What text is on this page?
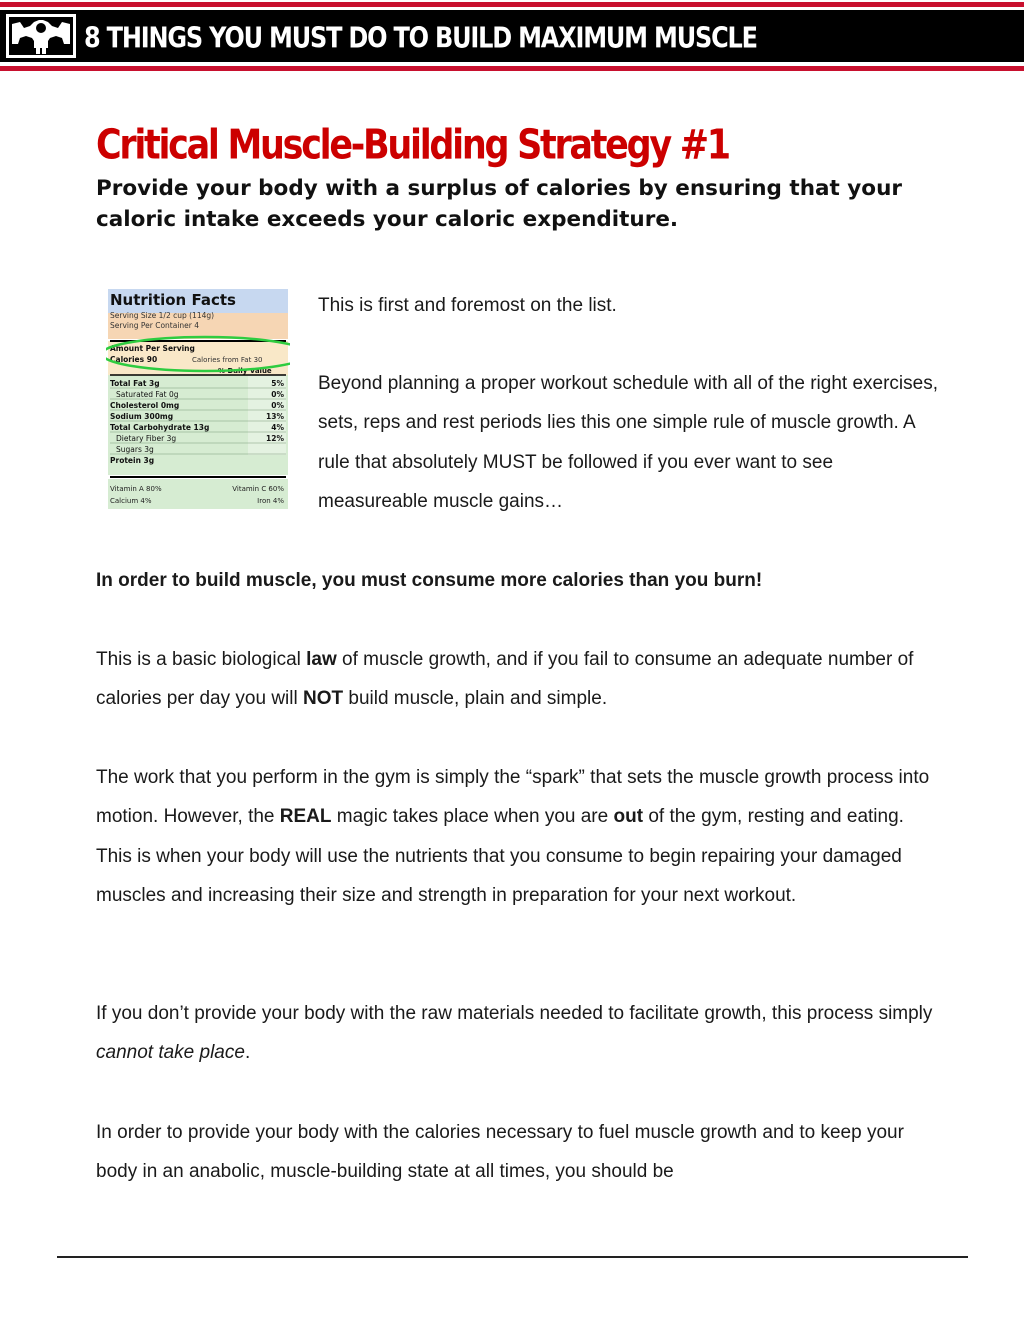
8 THINGS YOU MUST DO TO BUILD MAXIMUM MUSCLE
Critical Muscle-Building Strategy #1
Provide your body with a surplus of calories by ensuring that your caloric intake exceeds your caloric expenditure.
Nutrition Facts
Serving Size 1/2 cup (114g)
Serving Per Container 4
Amount Per Serving
Calories 90	Calories from Fat 30
% Daily Value
Total Fat 3g	5%
Saturated Fat 0g	0%
Cholesterol 0mg	0%
Sodium 300mg	13%
Total Carbohydrate 13g	4%
Dietary Fiber 3g	12%
Sugars 3g
Protein 3g
Vitamin A 80%	Vitamin C 60%
Calcium 4%	Iron 4%
This is first and foremost on the list.
Beyond planning a proper workout schedule with all of the right exercises, sets, reps and rest periods lies this one simple rule of muscle growth. A rule that absolutely MUST be followed if you ever want to see measureable muscle gains…
In order to build muscle, you must consume more calories than you burn!
This is a basic biological law of muscle growth, and if you fail to consume an adequate number of calories per day you will NOT build muscle, plain and simple.
The work that you perform in the gym is simply the “spark” that sets the muscle growth process into motion. However, the REAL magic takes place when you are out of the gym, resting and eating. This is when your body will use the nutrients that you consume to begin repairing your damaged muscles and increasing their size and strength in preparation for your next workout.
If you don’t provide your body with the raw materials needed to facilitate growth, this process simply cannot take place.
In order to provide your body with the calories necessary to fuel muscle growth and to keep your body in an anabolic, muscle-building state at all times, you should be
